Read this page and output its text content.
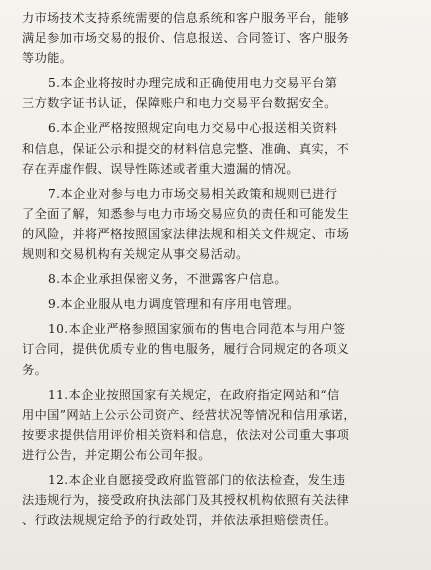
力市场技术支持系统需要的信息系统和客户服务平台，能够
满足参加市场交易的报价、信息报送、合同签订、客户服务
等功能。
5.本企业将按时办理完成和正确使用电力交易平台第
三方数字证书认证，保障账户和电力交易平台数据安全。
6.本企业严格按照规定向电力交易中心报送相关资料
和信息，保证公示和提交的材料信息完整、准确、真实，不
存在弄虚作假、误导性陈述或者重大遗漏的情况。
7.本企业对参与电力市场交易相关政策和规则已进行
了全面了解，知悉参与电力市场交易应负的责任和可能发生
的风险，并将严格按照国家法律法规和相关文件规定、市场
规则和交易机构有关规定从事交易活动。
8.本企业承担保密义务，不泄露客户信息。
9.本企业服从电力调度管理和有序用电管理。
10.本企业严格参照国家颁布的售电合同范本与用户签
订合同，提供优质专业的售电服务，履行合同规定的各项义
务。
11.本企业按照国家有关规定，在政府指定网站和“信
用中国”网站上公示公司资产、经营状况等情况和信用承诺，
按要求提供信用评价相关资料和信息，依法对公司重大事项
进行公告，并定期公布公司年报。
12.本企业自愿接受政府监管部门的依法检查，发生违
法违规行为，接受政府执法部门及其授权机构依照有关法律
、行政法规规定给予的行政处罚，并依法承担赔偿责任。
